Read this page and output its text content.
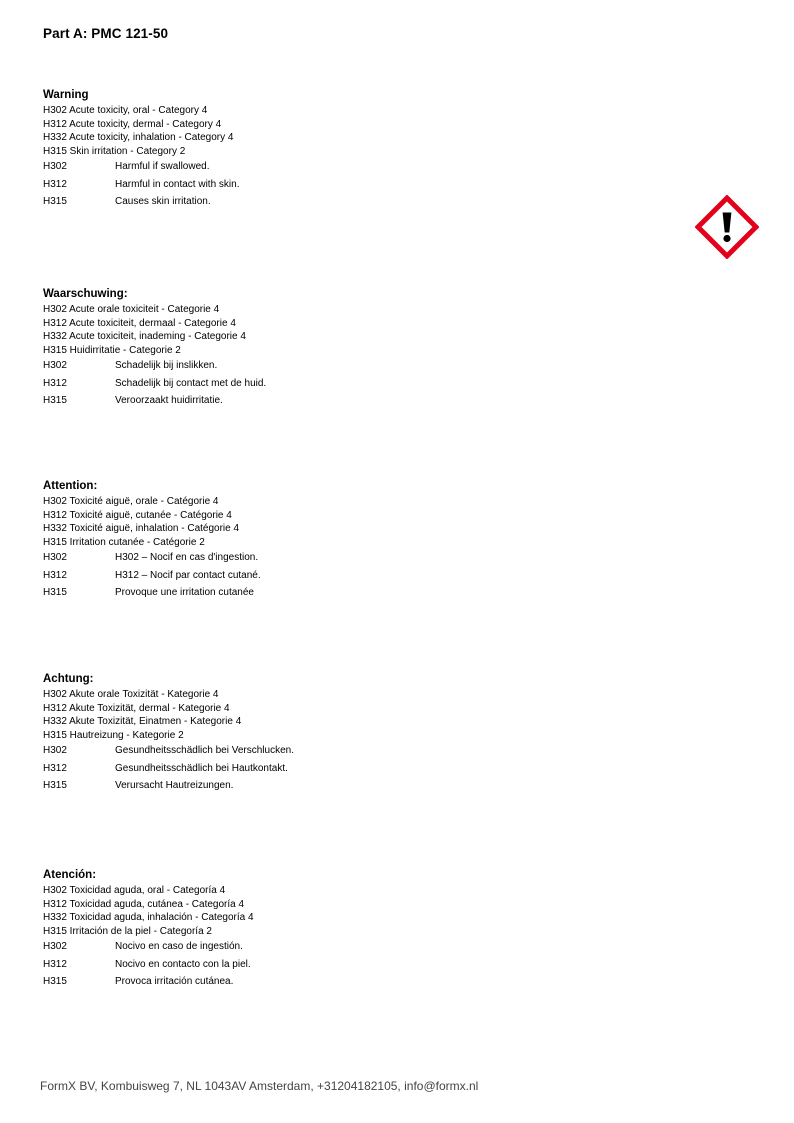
Part A: PMC 121-50
Warning
H302 Acute toxicity, oral - Category 4
H312 Acute toxicity, dermal - Category 4
H332 Acute toxicity, inhalation - Category 4
H315 Skin irritation - Category 2
H302	Harmful if swallowed.
H312	Harmful in contact with skin.
H315	Causes skin irritation.
Waarschuwing:
H302 Acute orale toxiciteit - Categorie 4
H312 Acute toxiciteit, dermaal - Categorie 4
H332 Acute toxiciteit, inademing - Categorie 4
H315 Huidirritatie - Categorie 2
H302	Schadelijk bij inslikken.
H312	Schadelijk bij contact met de huid.
H315	Veroorzaakt huidirritatie.
Attention:
H302 Toxicité aiguë, orale - Catégorie 4
H312 Toxicité aiguë, cutanée - Catégorie 4
H332 Toxicité aiguë, inhalation - Catégorie 4
H315 Irritation cutanée - Catégorie 2
H302	H302 – Nocif en cas d'ingestion.
H312	H312 – Nocif par contact cutané.
H315	Provoque une irritation cutanée
Achtung:
H302 Akute orale Toxizität - Kategorie 4
H312 Akute Toxizität, dermal - Kategorie 4
H332 Akute Toxizität, Einatmen - Kategorie 4
H315 Hautreizung - Kategorie 2
H302	Gesundheitsschädlich bei Verschlucken.
H312	Gesundheitsschädlich bei Hautkontakt.
H315	Verursacht Hautreizungen.
Atención:
H302 Toxicidad aguda, oral - Categoría 4
H312 Toxicidad aguda, cutánea - Categoría 4
H332 Toxicidad aguda, inhalación - Categoría 4
H315 Irritación de la piel - Categoría 2
H302	Nocivo en caso de ingestión.
H312	Nocivo en contacto con la piel.
H315	Provoca irritación cutánea.
FormX BV, Kombuisweg 7, NL 1043AV Amsterdam, +31204182105, info@formx.nl
